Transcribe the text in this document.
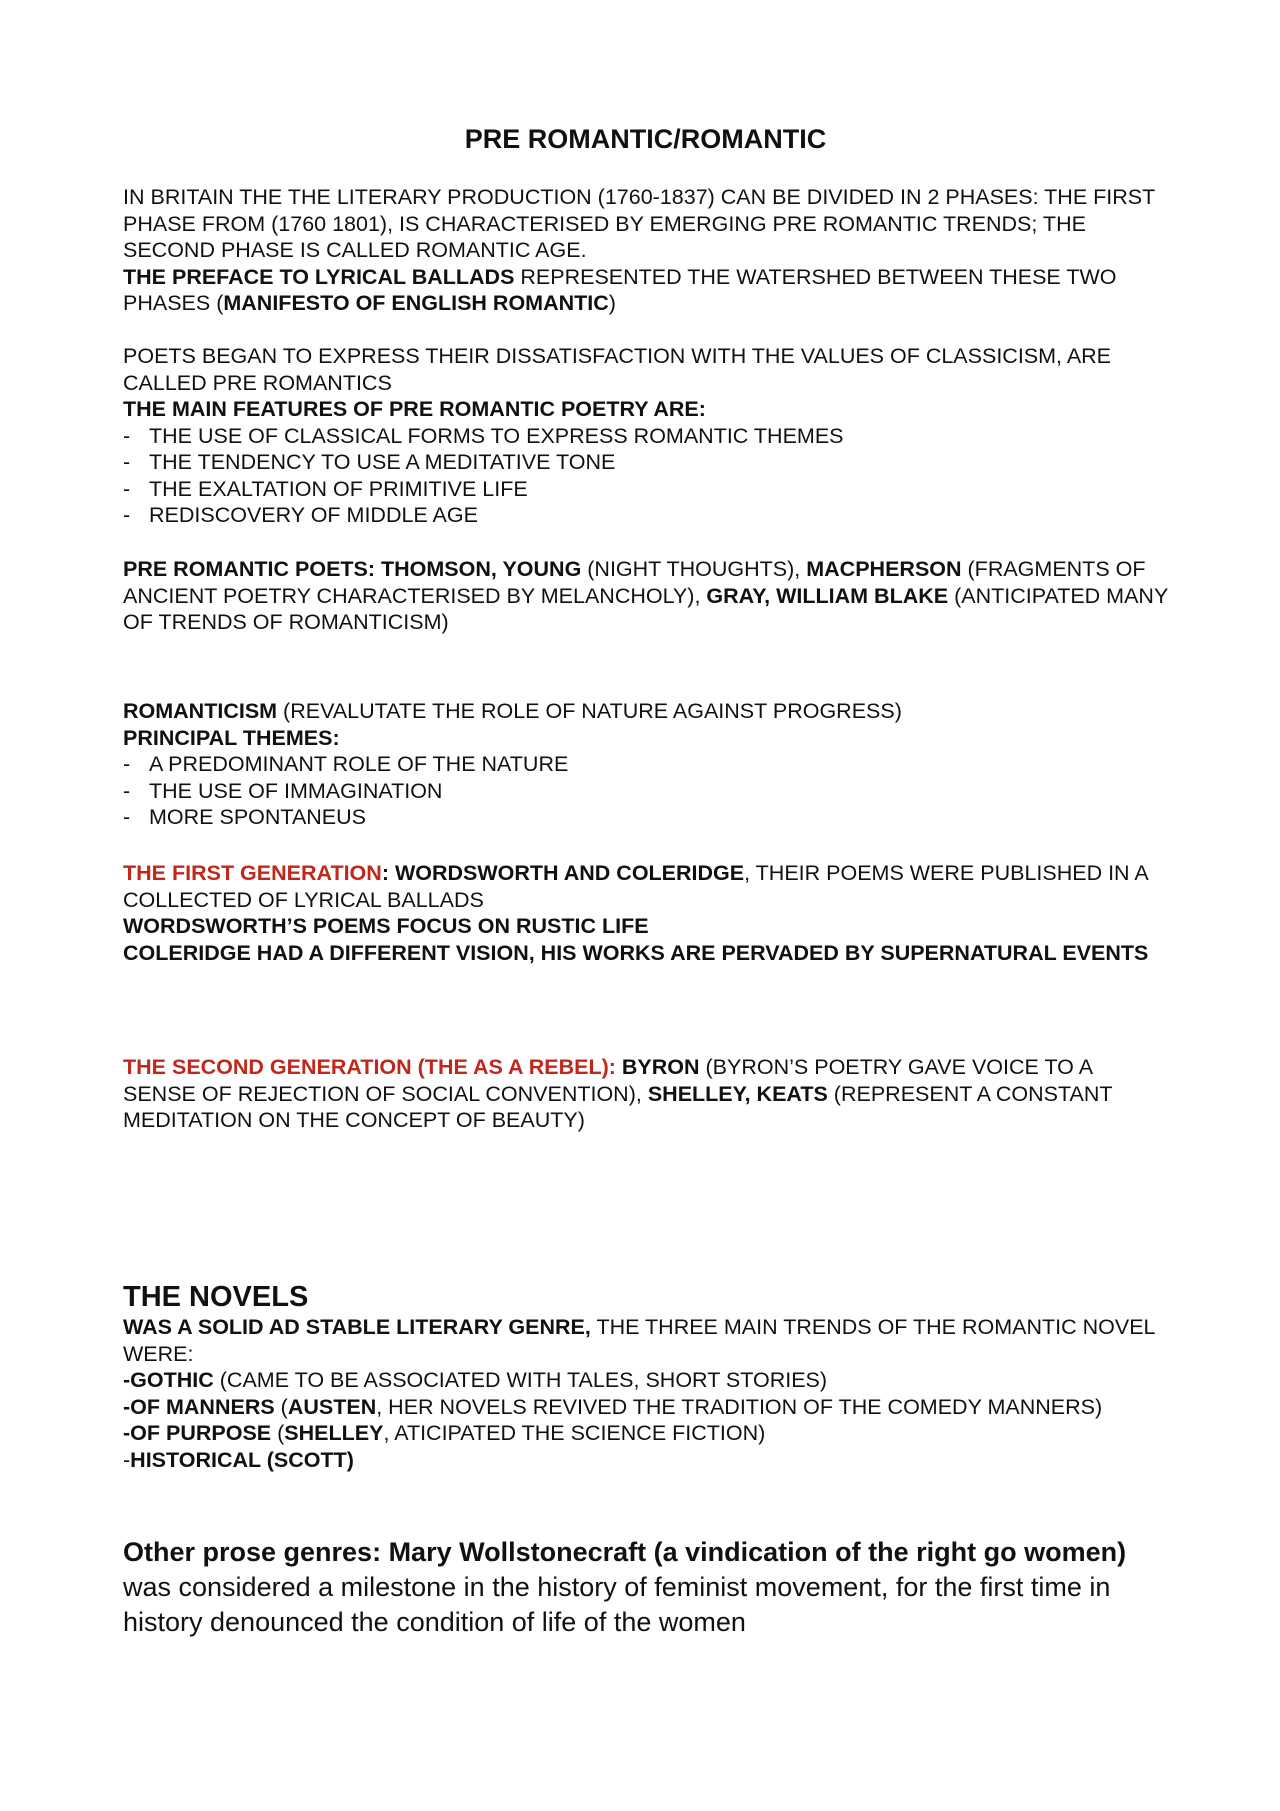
PRE ROMANTIC/ROMANTIC

IN BRITAIN THE THE LITERARY PRODUCTION (1760-1837) CAN BE DIVIDED IN 2 PHASES: THE FIRST PHASE FROM (1760 1801), IS CHARACTERISED BY EMERGING PRE ROMANTIC TRENDS; THE SECOND PHASE IS CALLED ROMANTIC AGE.

THE PREFACE TO LYRICAL BALLADS REPRESENTED THE WATERSHED BETWEEN THESE TWO PHASES (MANIFESTO OF ENGLISH ROMANTIC)

POETS BEGAN TO EXPRESS THEIR DISSATISFACTION WITH THE VALUES OF CLASSICISM, ARE CALLED PRE ROMANTICS

THE MAIN FEATURES OF PRE ROMANTIC POETRY ARE:

- THE USE OF CLASSICAL FORMS TO EXPRESS ROMANTIC THEMES
- THE TENDENCY TO USE A MEDITATIVE TONE
- THE EXALTATION OF PRIMITIVE LIFE
- REDISCOVERY OF MIDDLE AGE

PRE ROMANTIC POETS: THOMSON, YOUNG (NIGHT THOUGHTS), MACPHERSON (FRAGMENTS OF ANCIENT POETRY CHARACTERISED BY MELANCHOLY), GRAY, WILLIAM BLAKE (ANTICIPATED MANY OF TRENDS OF ROMANTICISM)

ROMANTICISM (REVALUTATE THE ROLE OF NATURE AGAINST PROGRESS)

PRINCIPAL THEMES:

- A PREDOMINANT ROLE OF THE NATURE
- THE USE OF IMMAGINATION
- MORE SPONTANEUS

THE FIRST GENERATION: WORDSWORTH AND COLERIDGE, THEIR POEMS WERE PUBLISHED IN A COLLECTED OF LYRICAL BALLADS

WORDSWORTH’S POEMS FOCUS ON RUSTIC LIFE

COLERIDGE HAD A DIFFERENT VISION, HIS WORKS ARE PERVADED BY SUPERNATURAL EVENTS

THE SECOND GENERATION (THE AS A REBEL): BYRON (BYRON’S POETRY GAVE VOICE TO A SENSE OF REJECTION OF SOCIAL CONVENTION), SHELLEY, KEATS (REPRESENT A CONSTANT MEDITATION ON THE CONCEPT OF BEAUTY)

THE NOVELS

WAS A SOLID AD STABLE LITERARY GENRE, THE THREE MAIN TRENDS OF THE ROMANTIC NOVEL WERE:

-GOTHIC (CAME TO BE ASSOCIATED WITH TALES, SHORT STORIES)

-OF MANNERS (AUSTEN, HER NOVELS REVIVED THE TRADITION OF THE COMEDY MANNERS)

-OF PURPOSE (SHELLEY, ATICIPATED THE SCIENCE FICTION)

-HISTORICAL (SCOTT)

Other prose genres: Mary Wollstonecraft (a vindication of the right go women) was considered a milestone in the history of feminist movement, for the first time in history denounced the condition of life of the women
